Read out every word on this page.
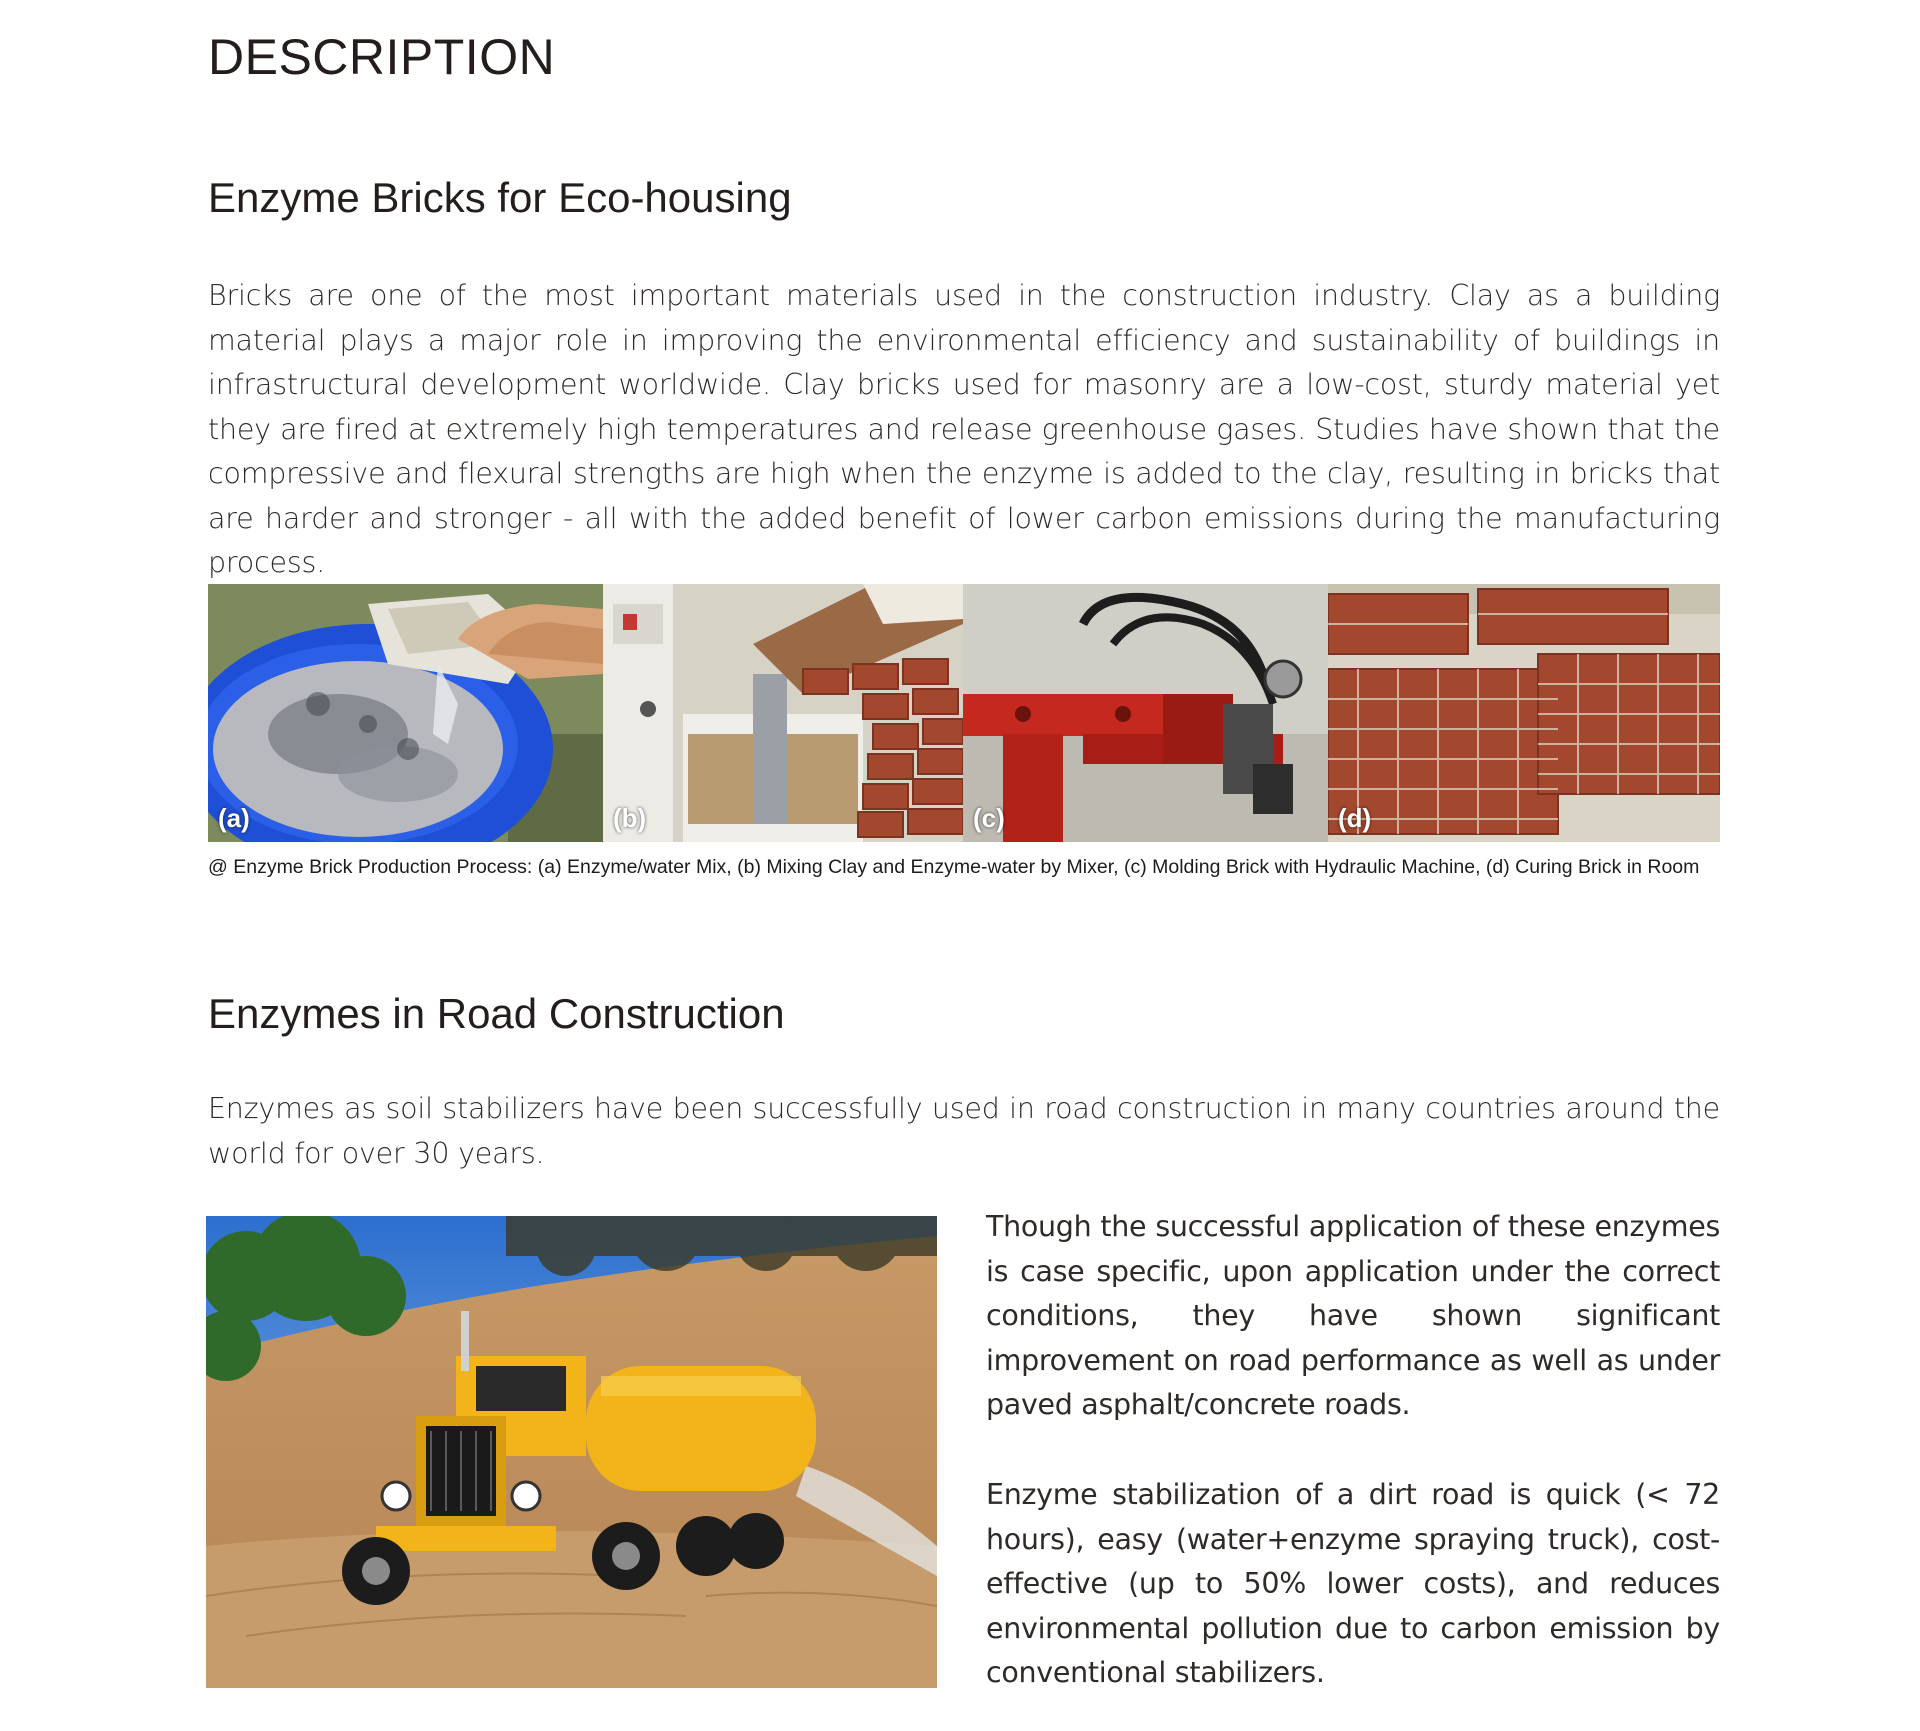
DESCRIPTION
Enzyme Bricks for Eco-housing

Bricks are one of the most important materials used in the construction industry. Clay as a building material plays a major role in improving the environmental efficiency and sustainability of buildings in infrastructural development worldwide. Clay bricks used for masonry are a low-cost, sturdy material yet they are fired at extremely high temperatures and release greenhouse gases. Studies have shown that the compressive and flexural strengths are high when the enzyme is added to the clay, resulting in bricks that are harder and stronger - all with the added benefit of lower carbon emissions during the manufacturing process.

(a)	(b)	(c)	(d)

@ Enzyme Brick Production Process: (a) Enzyme/water Mix, (b) Mixing Clay and Enzyme-water by Mixer, (c) Molding Brick with Hydraulic Machine, (d) Curing Brick in Room

Enzymes in Road Construction

Enzymes as soil stabilizers have been successfully used in road construction in many countries around the world for over 30 years.

Though the successful application of these enzymes is case specific, upon application under the correct conditions, they have shown significant improvement on road performance as well as under paved asphalt/concrete roads.

Enzyme stabilization of a dirt road is quick (< 72 hours), easy (water+enzyme spraying truck), cost-effective (up to 50% lower costs), and reduces environmental pollution due to carbon emission by conventional stabilizers.
